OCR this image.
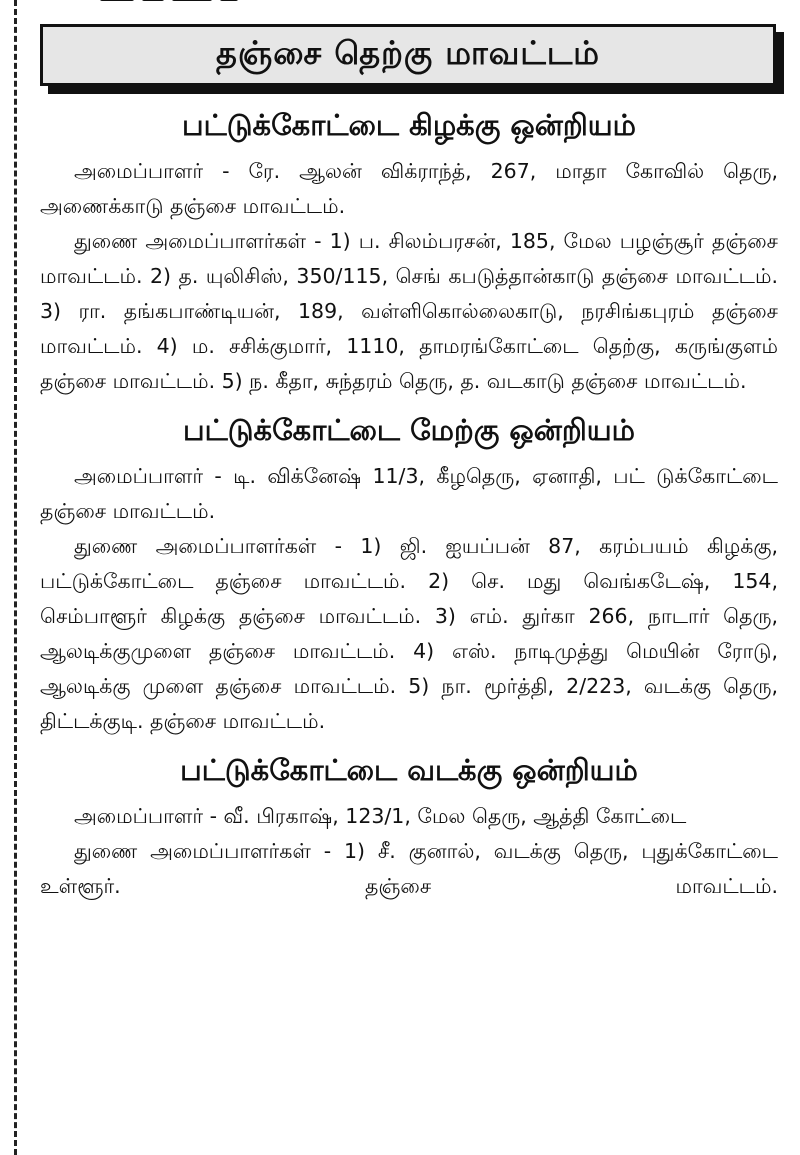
தஞ்சை தெற்கு மாவட்டம்
பட்டுக்கோட்டை கிழக்கு ஒன்றியம்

அமைப்பாளர் - ரே. ஆலன் விக்ராந்த், 267, மாதா கோவில் தெரு, அணைக்காடு தஞ்சை மாவட்டம்.

துணை அமைப்பாளர்கள் - 1) ப. சிலம்பரசன், 185, மேல பழஞ்சூர் தஞ்சை மாவட்டம். 2) த. யுலிசிஸ், 350/115, செங் கபடுத்தான்காடு தஞ்சை மாவட்டம். 3) ரா. தங்கபாண்டியன், 189, வள்ளிகொல்லைகாடு, நரசிங்கபுரம் தஞ்சை மாவட்டம். 4) ம. சசிக்குமார், 1110, தாமரங்கோட்டை தெற்கு, கருங்குளம் தஞ்சை மாவட்டம். 5) ந. கீதா, சுந்தரம் தெரு, த. வடகாடு தஞ்சை மாவட்டம்.

பட்டுக்கோட்டை மேற்கு ஒன்றியம்

அமைப்பாளர் - டி. விக்னேஷ் 11/3, கீழதெரு, ஏனாதி, பட் டுக்கோட்டை தஞ்சை மாவட்டம்.

துணை அமைப்பாளர்கள் - 1) ஜி. ஐயப்பன் 87, கரம்பயம் கிழக்கு, பட்டுக்கோட்டை தஞ்சை மாவட்டம். 2) செ. மது வெங்கடேஷ், 154, செம்பாளூர் கிழக்கு தஞ்சை மாவட்டம். 3) எம். துர்கா 266, நாடார் தெரு, ஆலடிக்குமுளை தஞ்சை மாவட்டம். 4) எஸ். நாடிமுத்து மெயின் ரோடு, ஆலடிக்கு முளை தஞ்சை மாவட்டம். 5) நா. மூர்த்தி, 2/223, வடக்கு தெரு, திட்டக்குடி. தஞ்சை மாவட்டம்.

பட்டுக்கோட்டை வடக்கு ஒன்றியம்

அமைப்பாளர் - வீ. பிரகாஷ், 123/1, மேல தெரு, ஆத்தி கோட்டை

துணை அமைப்பாளர்கள் - 1) சீ. குனால், வடக்கு தெரு, புதுக்கோட்டை உள்ளூர். தஞ்சை மாவட்டம்.
